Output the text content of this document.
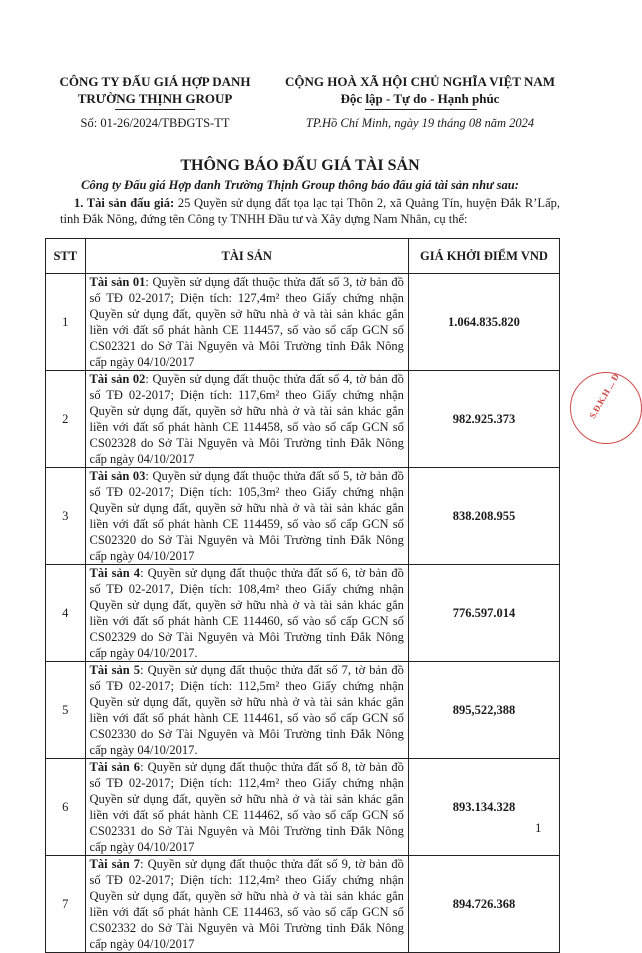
CÔNG TY ĐẤU GIÁ HỢP DANH
TRƯỜNG THỊNH GROUP
CỘNG HOÀ XÃ HỘI CHỦ NGHĨA VIỆT NAM
Độc lập - Tự do - Hạnh phúc
Số: 01-26/2024/TBĐGTS-TT	TP.Hồ Chí Minh, ngày 19 tháng 08 năm 2024
THÔNG BÁO ĐẤU GIÁ TÀI SẢN
Công ty Đấu giá Hợp danh Trường Thịnh Group thông báo đấu giá tài sản như sau:
1. Tài sản đấu giá: 25 Quyền sử dụng đất tọa lạc tại Thôn 2, xã Quảng Tín, huyện Đắk R’Lấp, tỉnh Đắk Nông, đứng tên Công ty TNHH Đầu tư và Xây dựng Nam Nhân, cụ thể:
STT	TÀI SẢN	GIÁ KHỞI ĐIỂM VND
1	Tài sản 01: Quyền sử dụng đất thuộc thửa đất số 3, tờ bản đồ số TĐ 02-2017; Diện tích: 127,4m² theo Giấy chứng nhận Quyền sử dụng đất, quyền sở hữu nhà ở và tài sản khác gắn liền với đất số phát hành CE 114457, số vào sổ cấp GCN số CS02321 do Sở Tài Nguyên và Môi Trường tỉnh Đắk Nông cấp ngày 04/10/2017	1.064.835.820
2	Tài sản 02: Quyền sử dụng đất thuộc thửa đất số 4, tờ bản đồ số TĐ 02-2017; Diện tích: 117,6m² theo Giấy chứng nhận Quyền sử dụng đất, quyền sở hữu nhà ở và tài sản khác gắn liền với đất số phát hành CE 114458, số vào sổ cấp GCN số CS02328 do Sở Tài Nguyên và Môi Trường tỉnh Đắk Nông cấp ngày 04/10/2017	982.925.373
3	Tài sản 03: Quyền sử dụng đất thuộc thửa đất số 5, tờ bản đồ số TĐ 02-2017; Diện tích: 105,3m² theo Giấy chứng nhận Quyền sử dụng đất, quyền sở hữu nhà ở và tài sản khác gắn liền với đất số phát hành CE 114459, số vào sổ cấp GCN số CS02320 do Sở Tài Nguyên và Môi Trường tỉnh Đắk Nông cấp ngày 04/10/2017	838.208.955
4	Tài sản 4: Quyền sử dụng đất thuộc thửa đất số 6, tờ bản đồ số TĐ 02-2017, Diện tích: 108,4m² theo Giấy chứng nhận Quyền sử dụng đất, quyền sở hữu nhà ở và tài sản khác gắn liền với đất số phát hành CE 114460, số vào sổ cấp GCN số CS02329 do Sở Tài Nguyên và Môi Trường tỉnh Đắk Nông cấp ngày 04/10/2017.	776.597.014
5	Tài sản 5: Quyền sử dụng đất thuộc thửa đất số 7, tờ bản đồ số TĐ 02-2017; Diện tích: 112,5m² theo Giấy chứng nhận Quyền sử dụng đất, quyền sở hữu nhà ở và tài sản khác gắn liền với đất số phát hành CE 114461, số vào sổ cấp GCN số CS02330 do Sở Tài Nguyên và Môi Trường tỉnh Đắk Nông cấp ngày 04/10/2017.	895,522,388
6	Tài sản 6: Quyền sử dụng đất thuộc thửa đất số 8, tờ bản đồ số TĐ 02-2017; Diện tích: 112,4m² theo Giấy chứng nhận Quyền sử dụng đất, quyền sở hữu nhà ở và tài sản khác gắn liền với đất số phát hành CE 114462, số vào sổ cấp GCN số CS02331 do Sở Tài Nguyên và Môi Trường tỉnh Đắk Nông cấp ngày 04/10/2017	893.134.328
7	Tài sản 7: Quyền sử dụng đất thuộc thửa đất số 9, tờ bản đồ số TĐ 02-2017; Diện tích: 112,4m² theo Giấy chứng nhận Quyền sử dụng đất, quyền sở hữu nhà ở và tài sản khác gắn liền với đất số phát hành CE 114463, số vào sổ cấp GCN số CS02332 do Sở Tài Nguyên và Môi Trường tỉnh Đắk Nông cấp ngày 04/10/2017	894.726.368
S.Đ.K.H ... Đ
1
